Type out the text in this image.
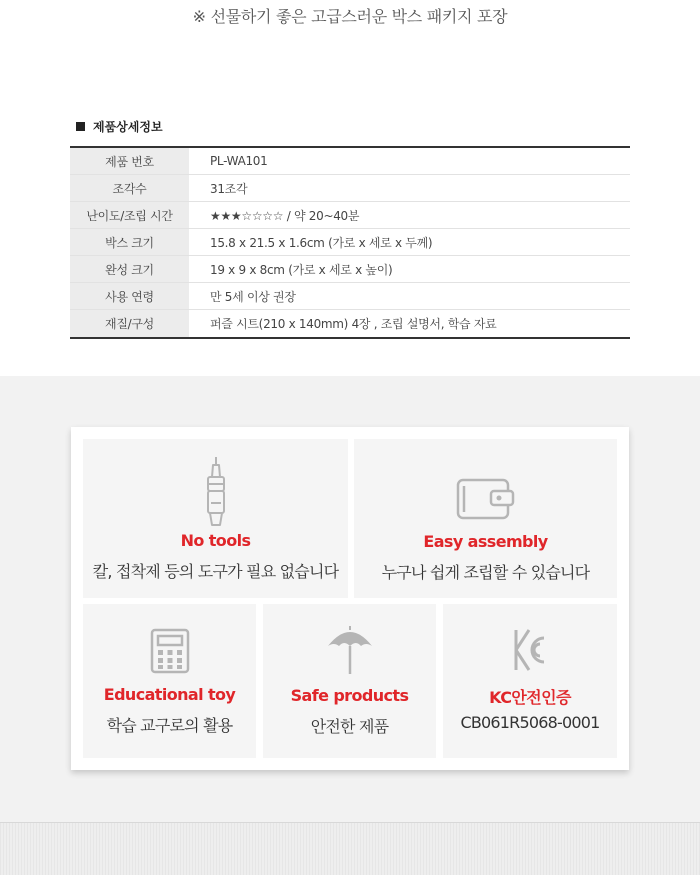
※ 선물하기 좋은 고급스러운 박스 패키지 포장
제품상세정보
제품 번호	PL-WA101
조각수	31조각
난이도/조립 시간	★★★☆☆☆☆ / 약 20~40분
박스 크기	15.8 x 21.5 x 1.6cm (가로 x 세로 x 두께)
완성 크기	19 x 9 x 8cm (가로 x 세로 x 높이)
사용 연령	만 5세 이상 권장
재질/구성	퍼즐 시트(210 x 140mm) 4장 , 조립 설명서, 학습 자료
No tools
칼, 접착제 등의 도구가 필요 없습니다
Easy assembly
누구나 쉽게 조립할 수 있습니다
Educational toy
학습 교구로의 활용
Safe products
안전한 제품
KC안전인증
CB061R5068-0001
